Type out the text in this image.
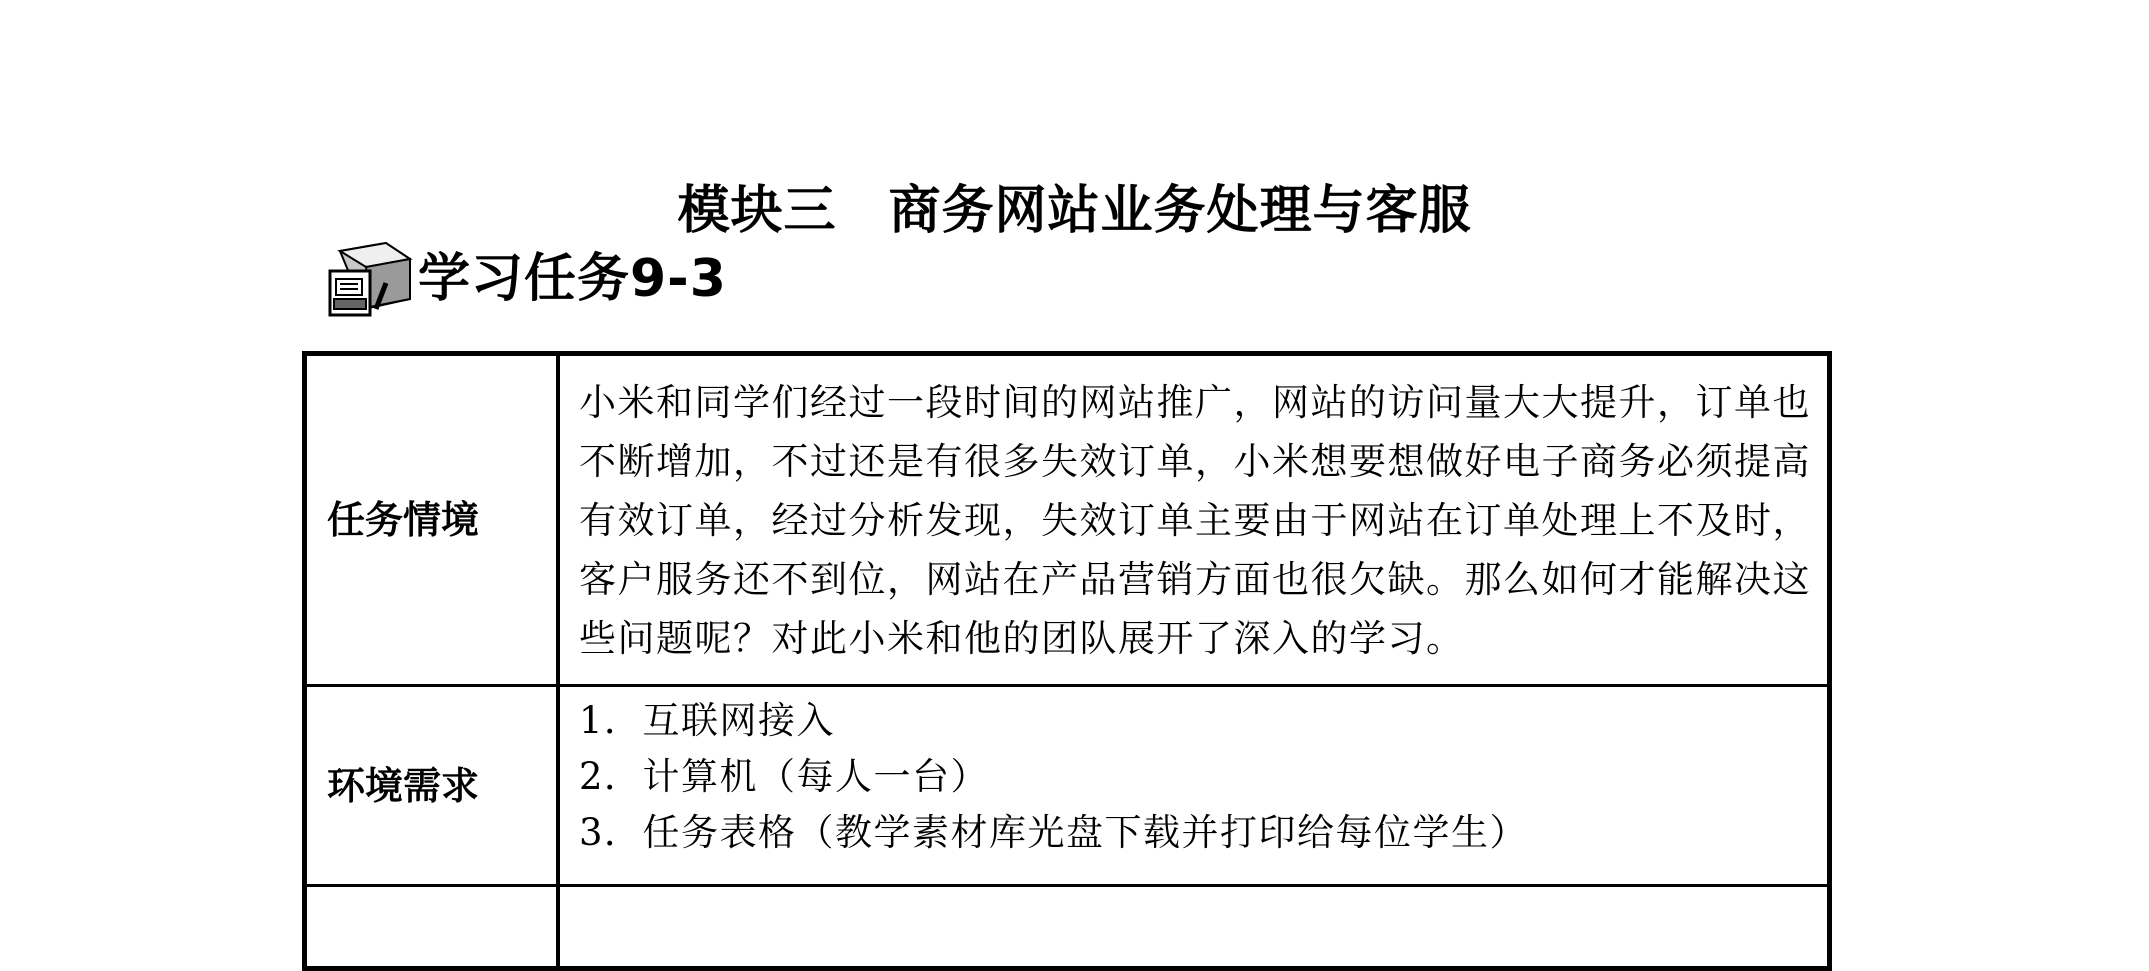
模块三 商务网站业务处理与客服
学习任务9-3
任务情境
小米和同学们经过一段时间的网站推广，网站的访问量大大提升，订单也
不断增加，不过还是有很多失效订单，小米想要想做好电子商务必须提高
有效订单，经过分析发现，失效订单主要由于网站在订单处理上不及时，
客户服务还不到位，网站在产品营销方面也很欠缺。那么如何才能解决这
些问题呢？对此小米和他的团队展开了深入的学习。
环境需求
1．互联网接入
2．计算机（每人一台）
3．任务表格（教学素材库光盘下载并打印给每位学生）
